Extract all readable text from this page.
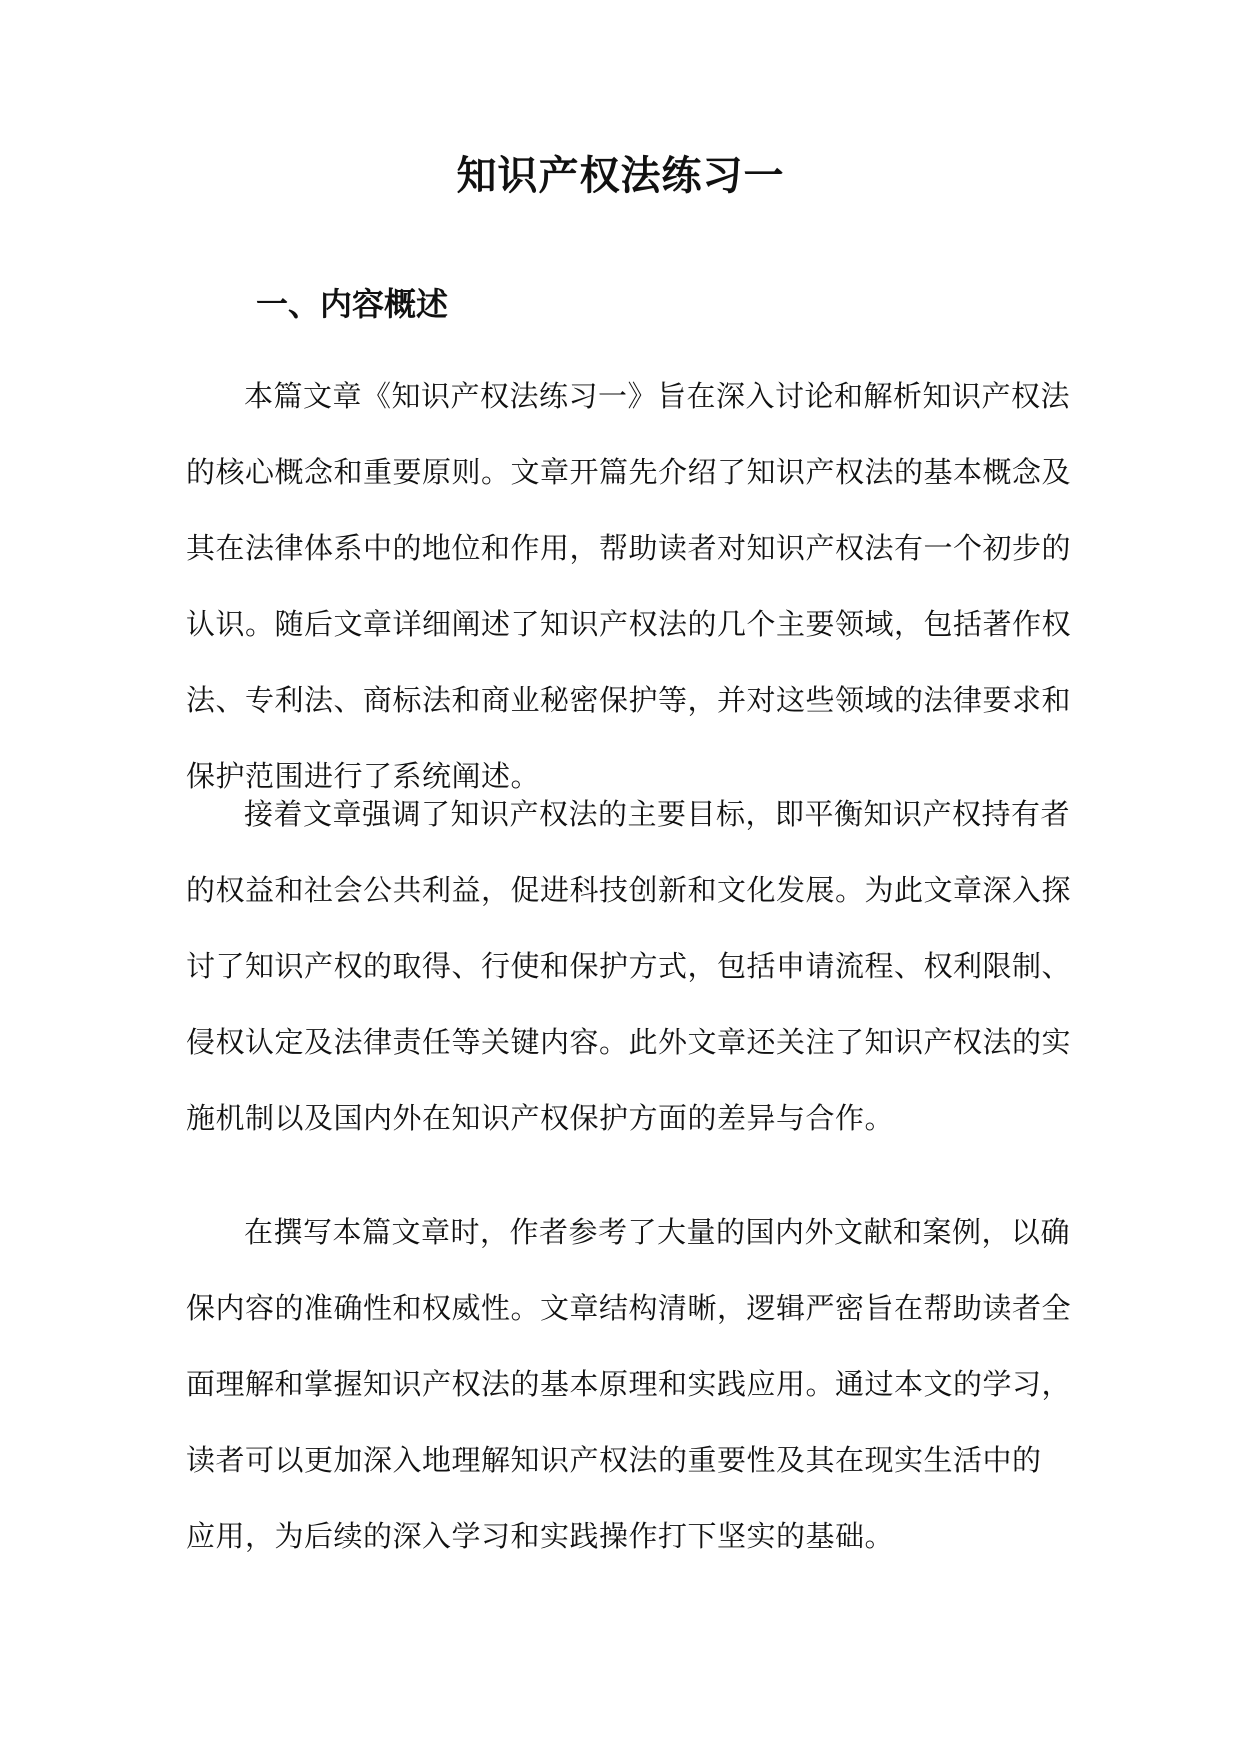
知识产权法练习一
一、内容概述

本篇文章《知识产权法练习一》旨在深入讨论和解析知识产权法
的核心概念和重要原则。文章开篇先介绍了知识产权法的基本概念及
其在法律体系中的地位和作用，帮助读者对知识产权法有一个初步的
认识。随后文章详细阐述了知识产权法的几个主要领域，包括著作权
法、专利法、商标法和商业秘密保护等，并对这些领域的法律要求和
保护范围进行了系统阐述。

接着文章强调了知识产权法的主要目标，即平衡知识产权持有者
的权益和社会公共利益，促进科技创新和文化发展。为此文章深入探
讨了知识产权的取得、行使和保护方式，包括申请流程、权利限制、
侵权认定及法律责任等关键内容。此外文章还关注了知识产权法的实
施机制以及国内外在知识产权保护方面的差异与合作。

在撰写本篇文章时，作者参考了大量的国内外文献和案例，以确
保内容的准确性和权威性。文章结构清晰，逻辑严密旨在帮助读者全
面理解和掌握知识产权法的基本原理和实践应用。通过本文的学习，
读者可以更加深入地理解知识产权法的重要性及其在现实生活中的
应用，为后续的深入学习和实践操作打下坚实的基础。
